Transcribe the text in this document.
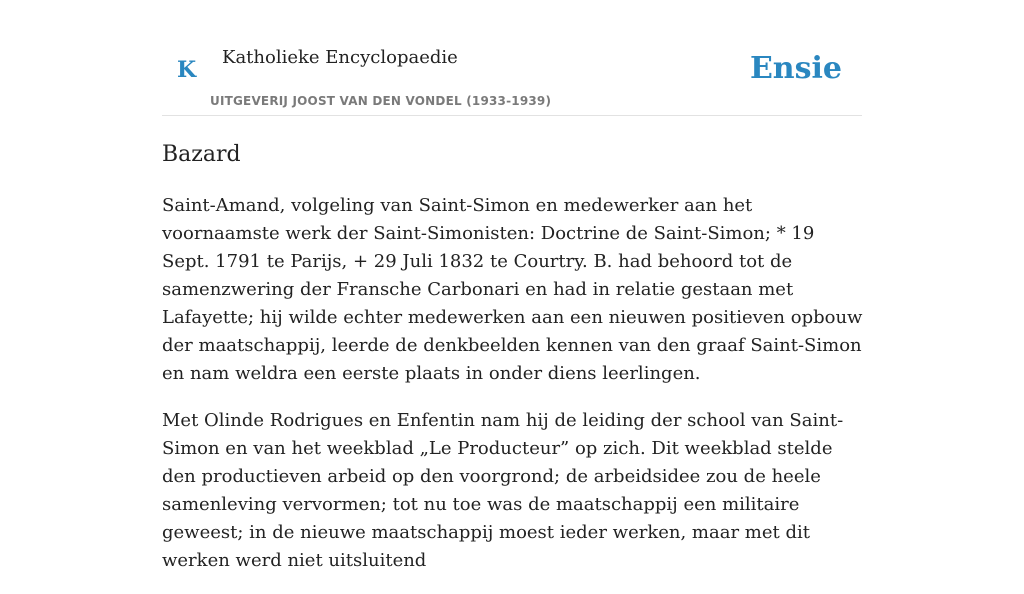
K Katholieke Encyclopaedie	Ensie
UITGEVERIJ JOOST VAN DEN VONDEL (1933-1939)
Bazard

Saint-Amand, volgeling van Saint-Simon en medewerker aan het voornaamste werk der Saint-Simonisten: Doctrine de Saint-Simon; * 19 Sept. 1791 te Parijs, + 29 Juli 1832 te Courtry. B. had behoord tot de samenzwering der Fransche Carbonari en had in relatie gestaan met Lafayette; hij wilde echter medewerken aan een nieuwen positieven opbouw der maatschappij, leerde de denkbeelden kennen van den graaf Saint-Simon en nam weldra een eerste plaats in onder diens leerlingen.

Met Olinde Rodrigues en Enfentin nam hij de leiding der school van Saint-Simon en van het weekblad „Le Producteur” op zich. Dit weekblad stelde den productieven arbeid op den voorgrond; de arbeidsidee zou de heele samenleving vervormen; tot nu toe was de maatschappij een militaire geweest; in de nieuwe maatschappij moest ieder werken, maar met dit werken werd niet uitsluitend
